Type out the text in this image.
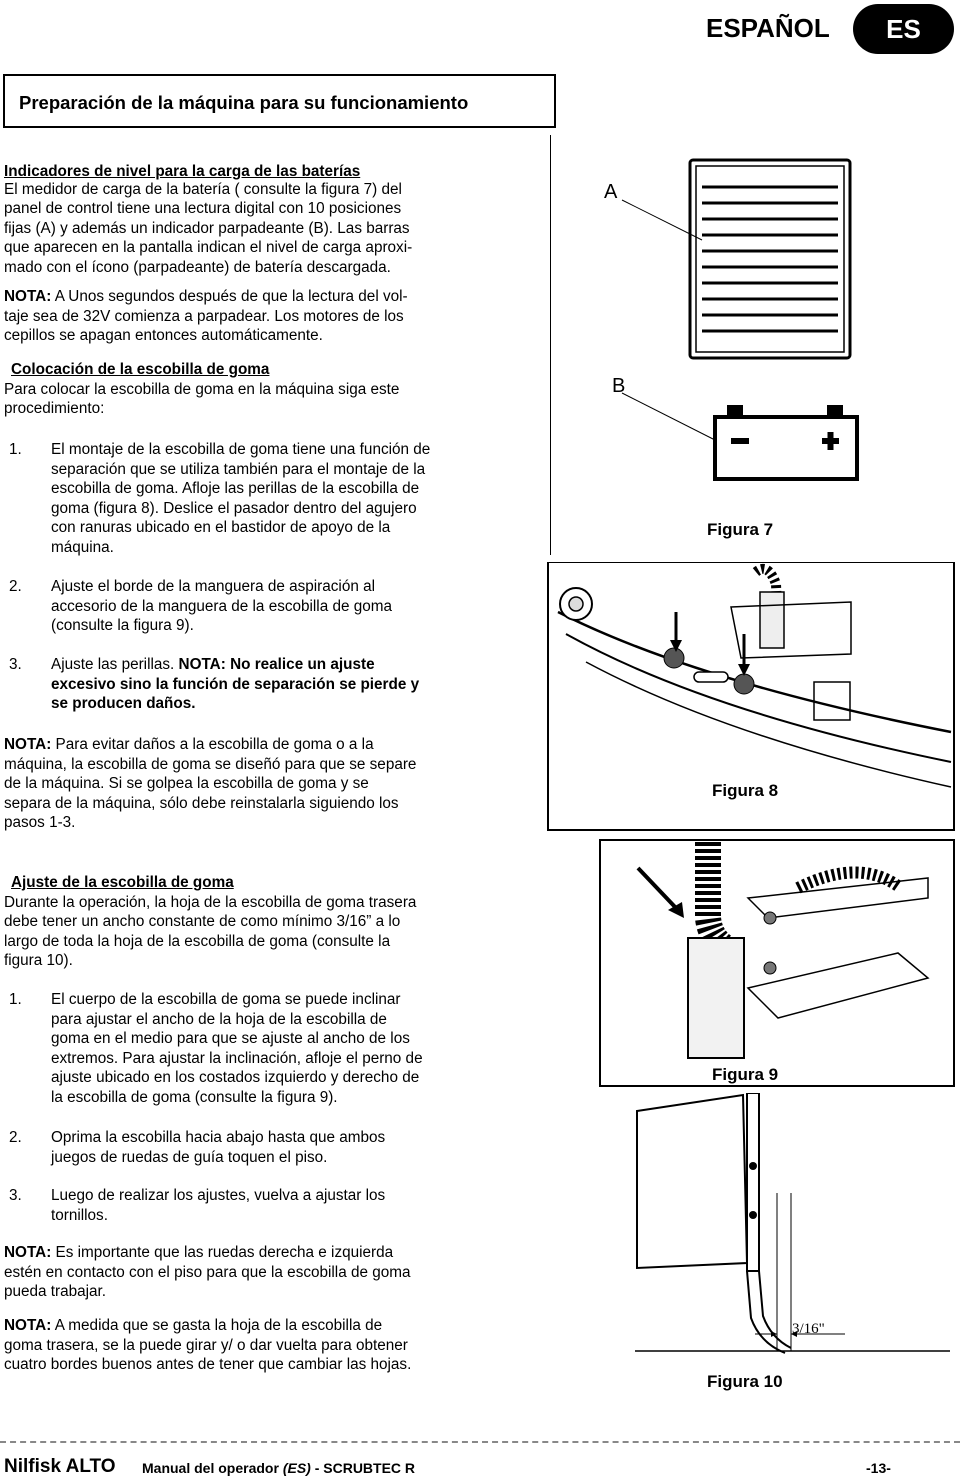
ESPAÑOL	ES
Preparación de la máquina para su funcionamiento

Indicadores de nivel para la carga de las baterías

El medidor de carga de la batería ( consulte la figura 7) del

panel de control tiene una lectura digital con 10 posiciones

fijas (A) y además un indicador parpadeante (B). Las barras

que aparecen en la pantalla indican el nivel de carga aproxi-

mado con el ícono (parpadeante) de batería descargada.

NOTA: A Unos segundos después de que la lectura del vol-

taje sea de 32V comienza a parpadear. Los motores de los

cepillos se apagan entonces automáticamente.

Colocación de la escobilla de goma

Para colocar la escobilla de goma en la máquina siga este

procedimiento:

1. El montaje de la escobilla de goma tiene una función de

separación que se utiliza también para el montaje de la

escobilla de goma. Afloje las perillas de la escobilla de

goma (figura 8). Deslice el pasador dentro del agujero

con ranuras ubicado en el bastidor de apoyo de la

máquina.

2. Ajuste el borde de la manguera de aspiración al

accesorio de la manguera de la escobilla de goma

(consulte la figura 9).

3. Ajuste las perillas. NOTA: No realice un ajuste

excesivo sino la función de separación se pierde y

se producen daños.

NOTA: Para evitar daños a la escobilla de goma o a la

máquina, la escobilla de goma se diseñó para que se separe

de la máquina. Si se golpea la escobilla de goma y se

separa de la máquina, sólo debe reinstalarla siguiendo los

pasos 1-3.

Ajuste de la escobilla de goma

Durante la operación, la hoja de la escobilla de goma trasera

debe tener un ancho constante de como mínimo 3/16” a lo

largo de toda la hoja de la escobilla de goma (consulte la

figura 10).

1. El cuerpo de la escobilla de goma se puede inclinar

para ajustar el ancho de la hoja de la escobilla de

goma en el medio para que se ajuste al ancho de los

extremos. Para ajustar la inclinación, afloje el perno de

ajuste ubicado en los costados izquierdo y derecho de

la escobilla de goma (consulte la figura 9).

2. Oprima la escobilla hacia abajo hasta que ambos

juegos de ruedas de guía toquen el piso.

3. Luego de realizar los ajustes, vuelva a ajustar los

tornillos.

NOTA: Es importante que las ruedas derecha e izquierda

estén en contacto con el piso para que la escobilla de goma

pueda trabajar.

NOTA: A medida que se gasta la hoja de la escobilla de

goma trasera, se la puede girar y/ o dar vuelta para obtener

cuatro bordes buenos antes de tener que cambiar las hojas.

A
B
Figura 7
Figura 8
Figura 9
3/16"
Figura 10
Nilfisk ALTO Manual del operador (ES) - SCRUBTEC R	-13-
